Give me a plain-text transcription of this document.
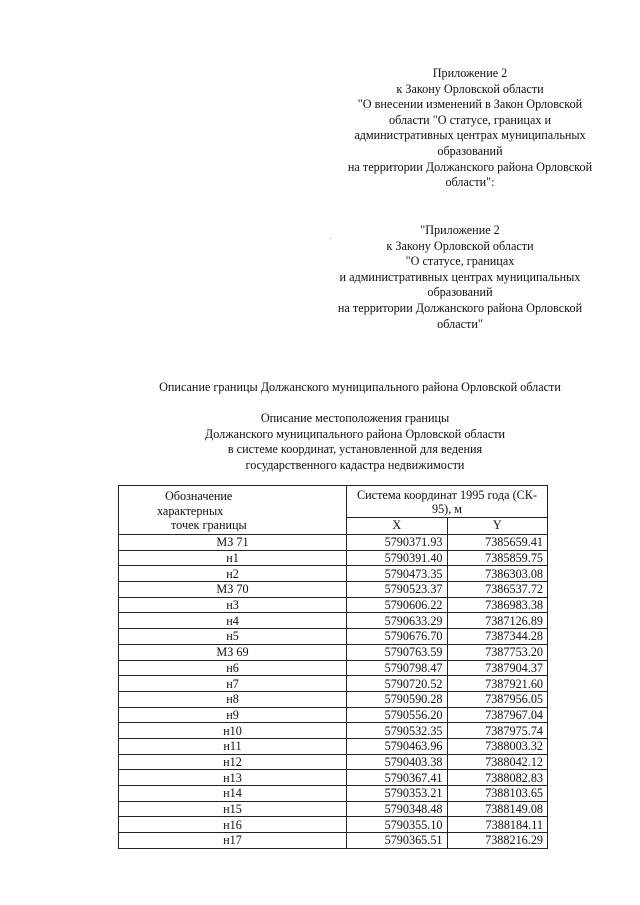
Приложение 2
к Закону Орловской области
"О внесении изменений в Закон Орловской
области "О статусе, границах и
административных центрах муниципальных
образований
на территории Должанского района Орловской
области":
"Приложение 2
к Закону Орловской области
"О статусе, границах
и административных центрах муниципальных
образований
на территории Должанского района Орловской
области"
Описание границы Должанского муниципального района Орловской области
Описание местоположения границы
Должанского муниципального района Орловской области
в системе координат, установленной для ведения
государственного кадастра недвижимости
Обозначение
характерных
точек границы

Система координат 1995 года (СК-
95), м

	X	Y
МЗ 71	5790371.93	7385659.41
н1	5790391.40	7385859.75
н2	5790473.35	7386303.08
МЗ 70	5790523.37	7386537.72
н3	5790606.22	7386983.38
н4	5790633.29	7387126.89
н5	5790676.70	7387344.28
МЗ 69	5790763.59	7387753.20
н6	5790798.47	7387904.37
н7	5790720.52	7387921.60
н8	5790590.28	7387956.05
н9	5790556.20	7387967.04
н10	5790532.35	7387975.74
н11	5790463.96	7388003.32
н12	5790403.38	7388042.12
н13	5790367.41	7388082.83
н14	5790353.21	7388103.65
н15	5790348.48	7388149.08
н16	5790355.10	7388184.11
н17	5790365.51	7388216.29
